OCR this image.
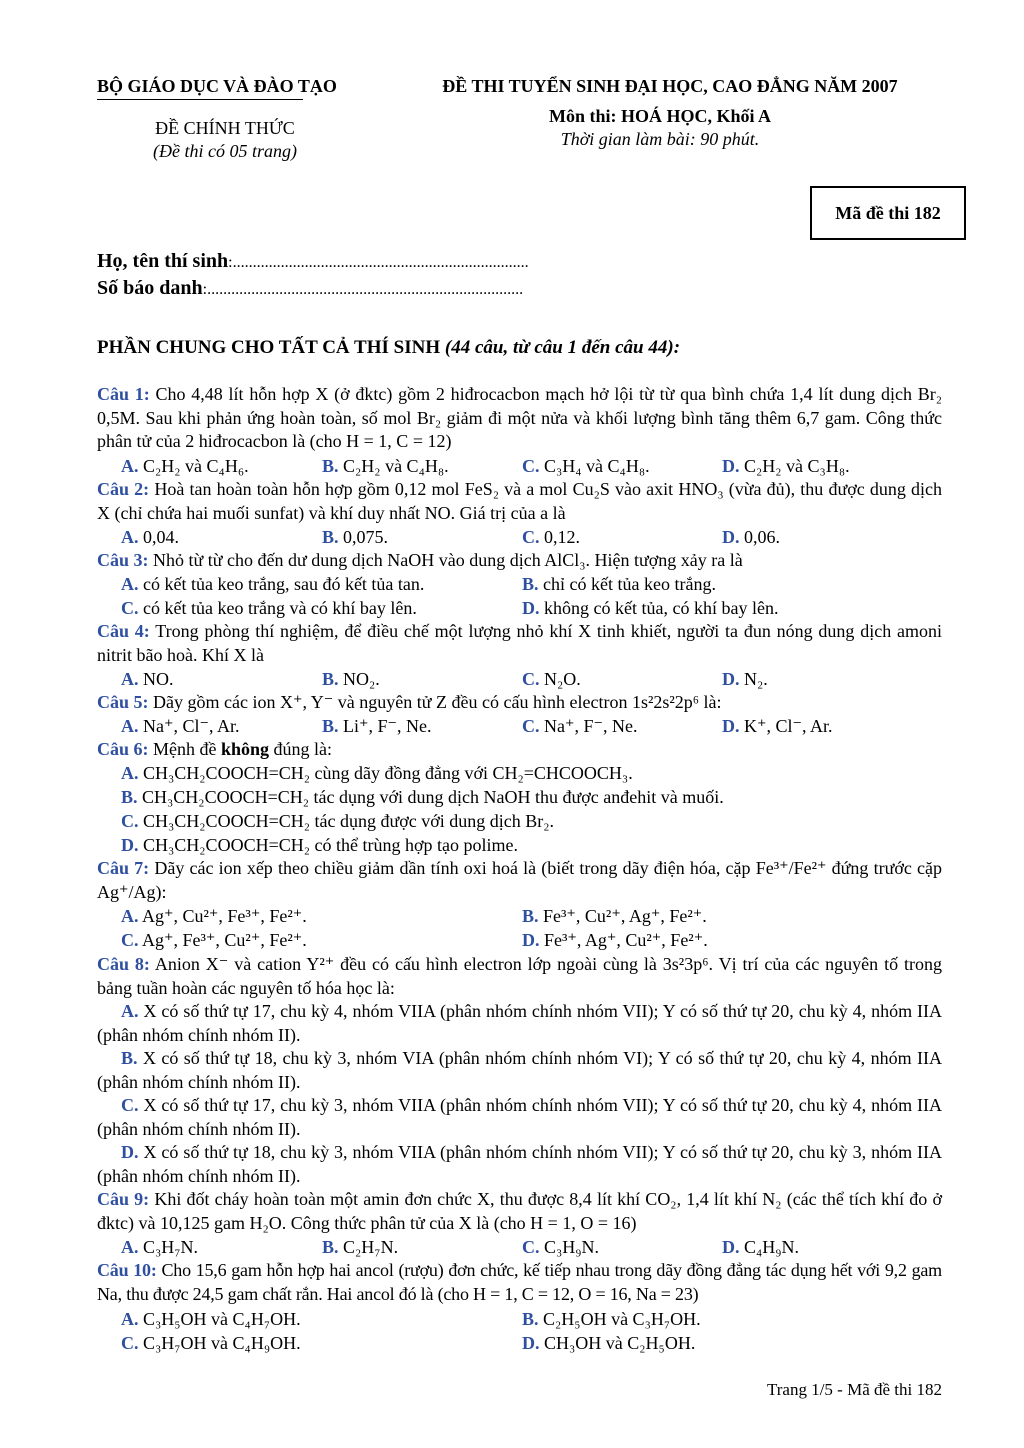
BỘ GIÁO DỤC VÀ ĐÀO TẠO
ĐỀ CHÍNH THỨC
(Đề thi có 05 trang)
ĐỀ THI TUYỂN SINH ĐẠI HỌC, CAO ĐẲNG NĂM 2007
Môn thi: HOÁ HỌC, Khối A
Thời gian làm bài: 90 phút.
Mã đề thi 182
Họ, tên thí sinh:..........................................................................
Số báo danh:...............................................................................
PHẦN CHUNG CHO TẤT CẢ THÍ SINH (44 câu, từ câu 1 đến câu 44):
Câu 1: Cho 4,48 lít hỗn hợp X (ở đktc) gồm 2 hiđrocacbon mạch hở lội từ từ qua bình chứa 1,4 lít dung dịch Br₂ 0,5M. Sau khi phản ứng hoàn toàn, số mol Br₂ giảm đi một nửa và khối lượng bình tăng thêm 6,7 gam. Công thức phân tử của 2 hiđrocacbon là (cho H = 1, C = 12)
A. C₂H₂ và C₄H₆.	B. C₂H₂ và C₄H₈.	C. C₃H₄ và C₄H₈.	D. C₂H₂ và C₃H₈.
Câu 2: Hoà tan hoàn toàn hỗn hợp gồm 0,12 mol FeS₂ và a mol Cu₂S vào axit HNO₃ (vừa đủ), thu được dung dịch X (chỉ chứa hai muối sunfat) và khí duy nhất NO. Giá trị của a là
A. 0,04.	B. 0,075.	C. 0,12.	D. 0,06.
Câu 3: Nhỏ từ từ cho đến dư dung dịch NaOH vào dung dịch AlCl₃. Hiện tượng xảy ra là
A. có kết tủa keo trắng, sau đó kết tủa tan.	B. chỉ có kết tủa keo trắng.
C. có kết tủa keo trắng và có khí bay lên.	D. không có kết tủa, có khí bay lên.
Câu 4: Trong phòng thí nghiệm, để điều chế một lượng nhỏ khí X tinh khiết, người ta đun nóng dung dịch amoni nitrit bão hoà. Khí X là
A. NO.	B. NO₂.	C. N₂O.	D. N₂.
Câu 5: Dãy gồm các ion X⁺, Y⁻ và nguyên tử Z đều có cấu hình electron 1s²2s²2p⁶ là:
A. Na⁺, Cl⁻, Ar.	B. Li⁺, F⁻, Ne.	C. Na⁺, F⁻, Ne.	D. K⁺, Cl⁻, Ar.
Câu 6: Mệnh đề không đúng là:
A. CH₃CH₂COOCH=CH₂ cùng dãy đồng đẳng với CH₂=CHCOOCH₃.
B. CH₃CH₂COOCH=CH₂ tác dụng với dung dịch NaOH thu được anđehit và muối.
C. CH₃CH₂COOCH=CH₂ tác dụng được với dung dịch Br₂.
D. CH₃CH₂COOCH=CH₂ có thể trùng hợp tạo polime.
Câu 7: Dãy các ion xếp theo chiều giảm dần tính oxi hoá là (biết trong dãy điện hóa, cặp Fe³⁺/Fe²⁺ đứng trước cặp Ag⁺/Ag):
A. Ag⁺, Cu²⁺, Fe³⁺, Fe²⁺.	B. Fe³⁺, Cu²⁺, Ag⁺, Fe²⁺.
C. Ag⁺, Fe³⁺, Cu²⁺, Fe²⁺.	D. Fe³⁺, Ag⁺, Cu²⁺, Fe²⁺.
Câu 8: Anion X⁻ và cation Y²⁺ đều có cấu hình electron lớp ngoài cùng là 3s²3p⁶. Vị trí của các nguyên tố trong bảng tuần hoàn các nguyên tố hóa học là:
A. X có số thứ tự 17, chu kỳ 4, nhóm VIIA (phân nhóm chính nhóm VII); Y có số thứ tự 20, chu kỳ 4, nhóm IIA (phân nhóm chính nhóm II).
B. X có số thứ tự 18, chu kỳ 3, nhóm VIA (phân nhóm chính nhóm VI); Y có số thứ tự 20, chu kỳ 4, nhóm IIA (phân nhóm chính nhóm II).
C. X có số thứ tự 17, chu kỳ 3, nhóm VIIA (phân nhóm chính nhóm VII); Y có số thứ tự 20, chu kỳ 4, nhóm IIA (phân nhóm chính nhóm II).
D. X có số thứ tự 18, chu kỳ 3, nhóm VIIA (phân nhóm chính nhóm VII); Y có số thứ tự 20, chu kỳ 3, nhóm IIA (phân nhóm chính nhóm II).
Câu 9: Khi đốt cháy hoàn toàn một amin đơn chức X, thu được 8,4 lít khí CO₂, 1,4 lít khí N₂ (các thể tích khí đo ở đktc) và 10,125 gam H₂O. Công thức phân tử của X là (cho H = 1, O = 16)
A. C₃H₇N.	B. C₂H₇N.	C. C₃H₉N.	D. C₄H₉N.
Câu 10: Cho 15,6 gam hỗn hợp hai ancol (rượu) đơn chức, kế tiếp nhau trong dãy đồng đẳng tác dụng hết với 9,2 gam Na, thu được 24,5 gam chất rắn. Hai ancol đó là (cho H = 1, C = 12, O = 16, Na = 23)
A. C₃H₅OH và C₄H₇OH.	B. C₂H₅OH và C₃H₇OH.
C. C₃H₇OH và C₄H₉OH.	D. CH₃OH và C₂H₅OH.
Trang 1/5 - Mã đề thi 182
